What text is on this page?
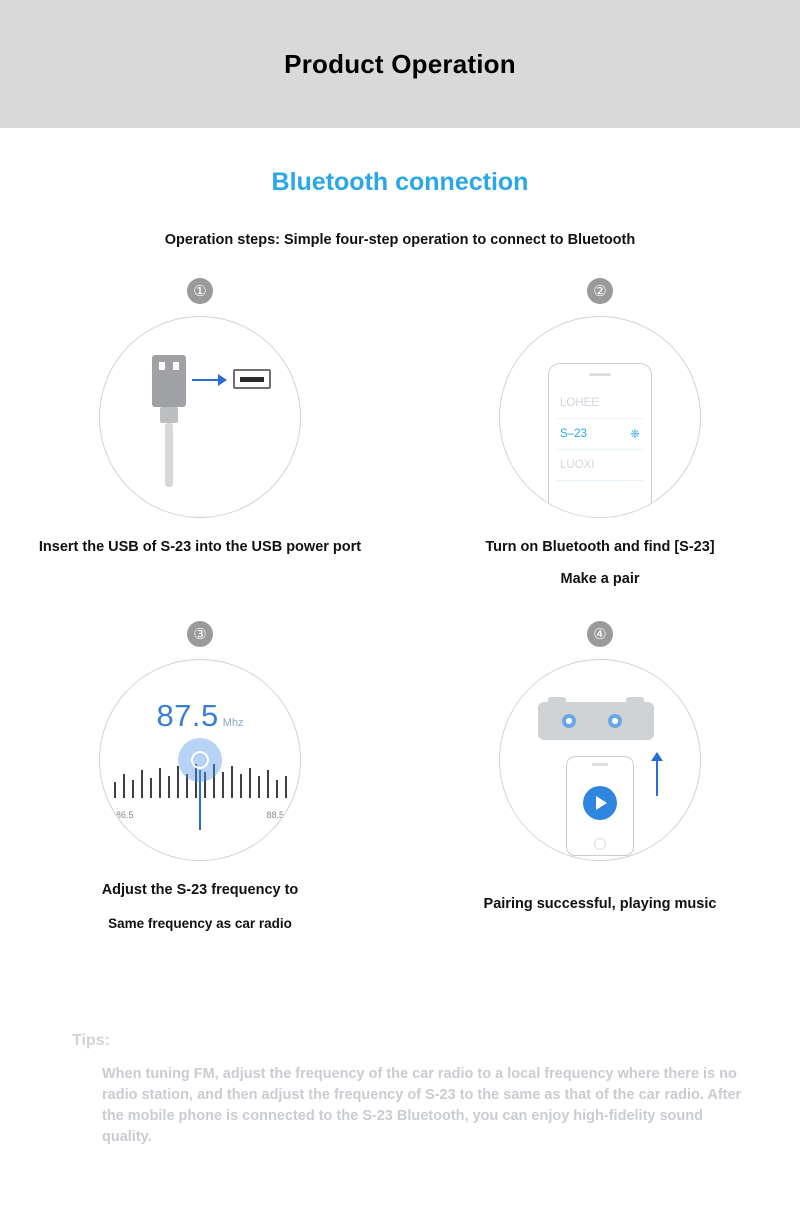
Product Operation
Bluetooth connection
Operation steps: Simple four-step operation to connect to Bluetooth
①
Insert the USB of S-23 into the USB power port
②
LOHEE
S–23	❈
LUOXI
Turn on Bluetooth and find [S-23]
Make a pair
③
87.5 Mhz
86.5	88.5
Adjust the S-23 frequency to
Same frequency as car radio
④
Pairing successful, playing music
Tips:
When tuning FM, adjust the frequency of the car radio to a local frequency where there is no radio station, and then adjust the frequency of S-23 to the same as that of the car radio. After the mobile phone is connected to the S-23 Bluetooth, you can enjoy high-fidelity sound quality.
